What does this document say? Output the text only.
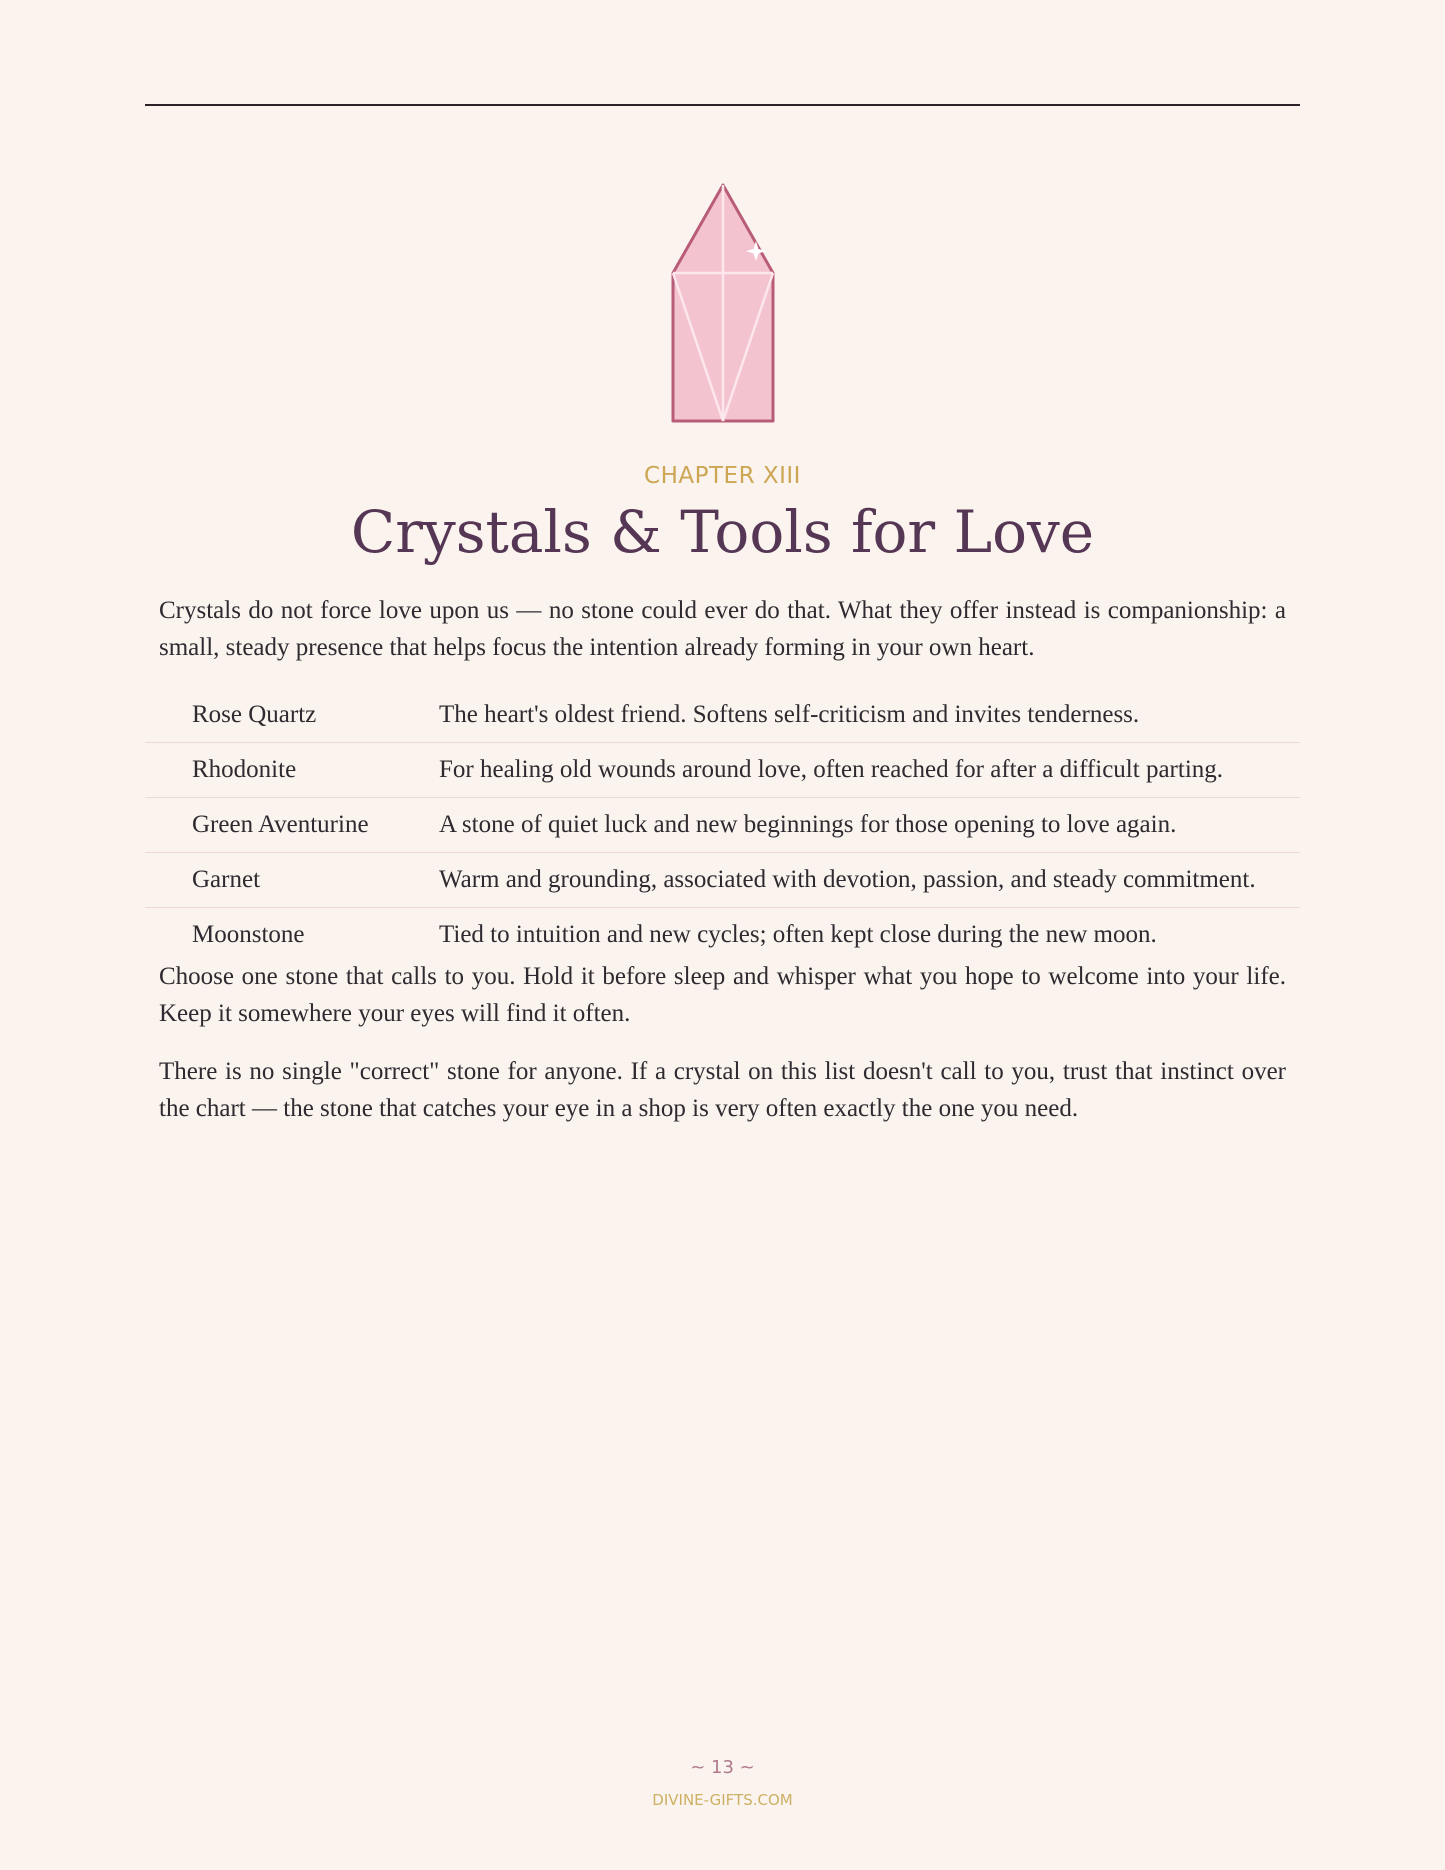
CHAPTER XIII
Crystals & Tools for Love

Crystals do not force love upon us — no stone could ever do that. What they offer instead is companionship: a small, steady presence that helps focus the intention already forming in your own heart.

Rose Quartz	The heart's oldest friend. Softens self-criticism and invites tenderness.
Rhodonite	For healing old wounds around love, often reached for after a difficult parting.
Green Aventurine	A stone of quiet luck and new beginnings for those opening to love again.
Garnet	Warm and grounding, associated with devotion, passion, and steady commitment.
Moonstone	Tied to intuition and new cycles; often kept close during the new moon.

Choose one stone that calls to you. Hold it before sleep and whisper what you hope to welcome into your life. Keep it somewhere your eyes will find it often.

There is no single "correct" stone for anyone. If a crystal on this list doesn't call to you, trust that instinct over the chart — the stone that catches your eye in a shop is very often exactly the one you need.

~ 13 ~
DIVINE-GIFTS.COM
